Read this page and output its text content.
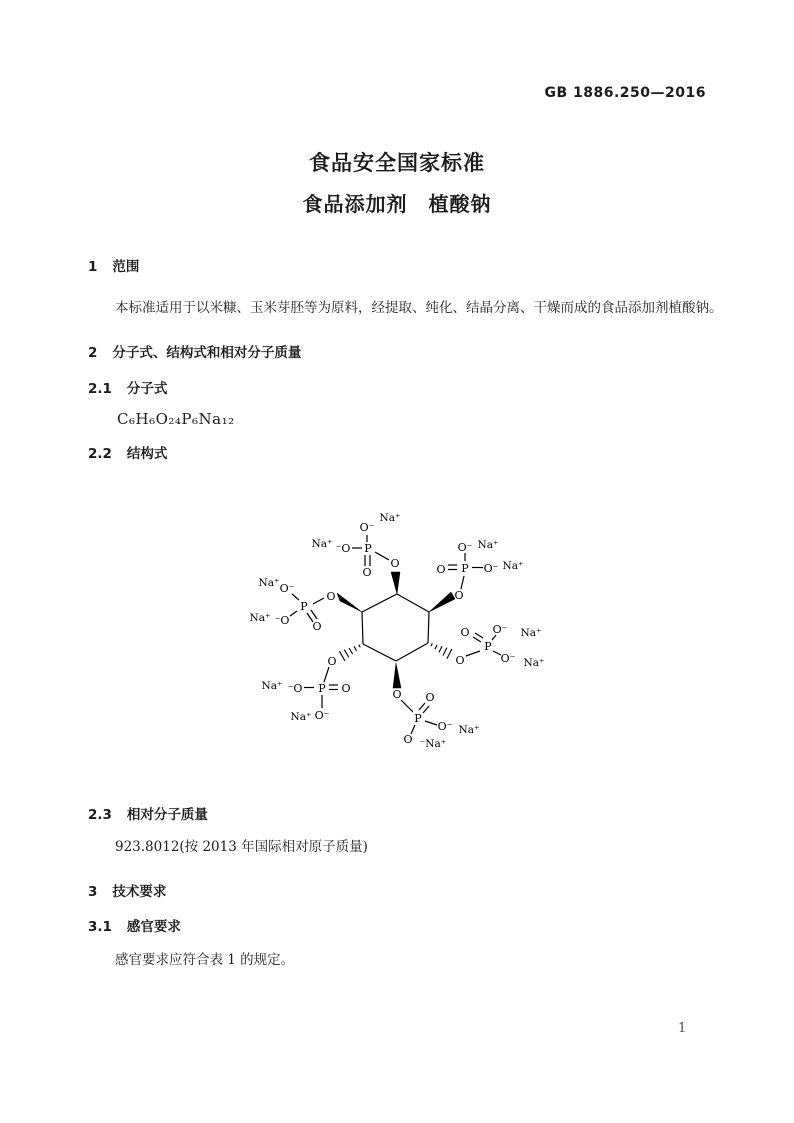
GB 1886.250—2016
食品安全国家标准
食品添加剂　植酸钠
1 范围
本标准适用于以米糠、玉米芽胚等为原料，经提取、纯化、结晶分离、干燥而成的食品添加剂植酸钠。
2 分子式、结构式和相对分子质量
2.1 分子式
C₆H₆O₂₄P₆Na₁₂
2.2 结构式
O
P
O⁻
Na⁺
⁻O
Na⁺
O
O
P
O	O⁻ Na⁺
O⁻ Na⁺
O
P
O⁻
Na⁺
⁻O
Na⁺
O
O
P
O O⁻ Na⁺
O⁻ Na⁺
O
P
⁻O
Na⁺	O
O⁻
Na⁺
O
P
O
O⁻ Na⁺
O ⁻Na⁺
2.3 相对分子质量
923.8012(按 2013 年国际相对原子质量)
3 技术要求
3.1 感官要求
感官要求应符合表 1 的规定。
1
